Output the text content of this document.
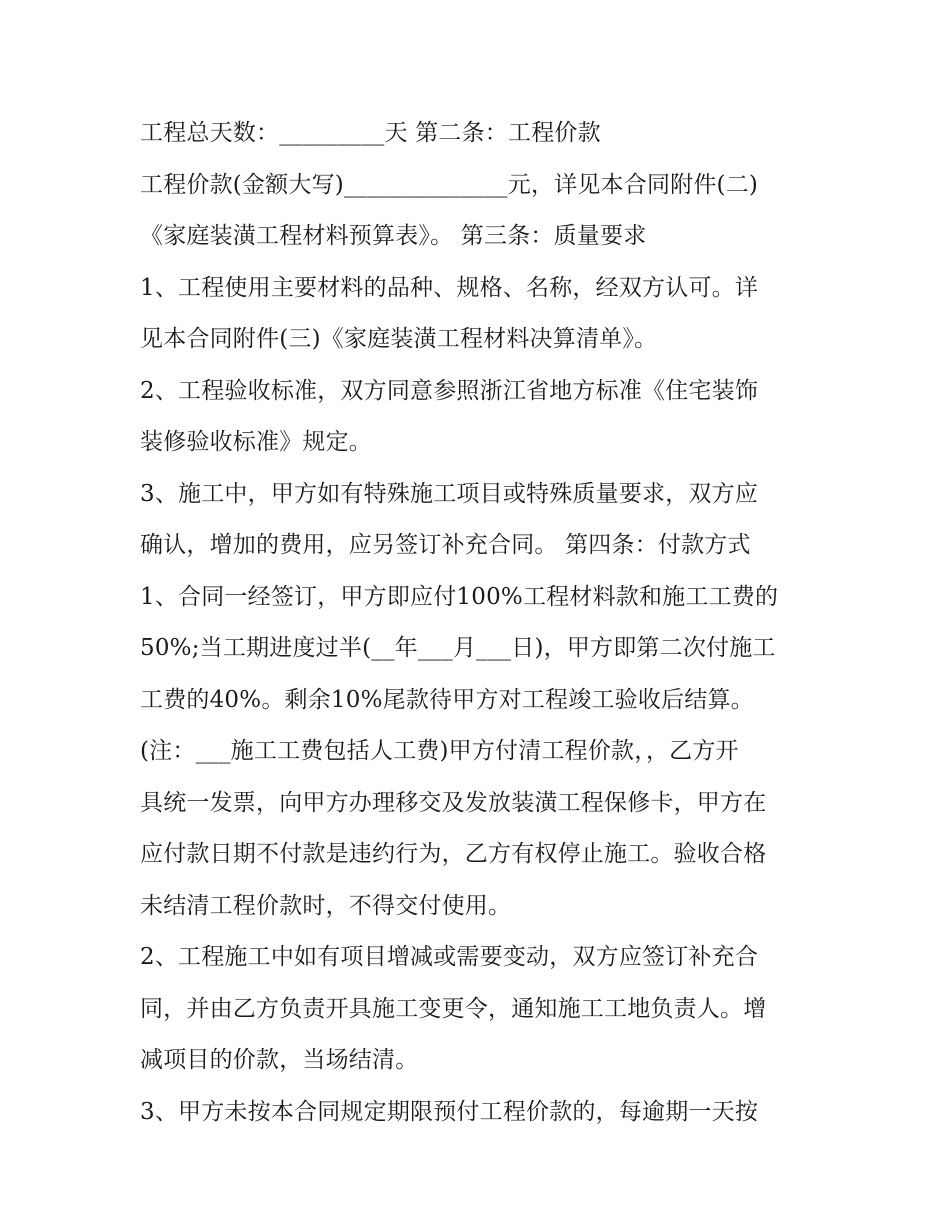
工程总天数：_________天 第二条：工程价款
工程价款(金额大写)______________元，详见本合同附件(二)
《家庭装潢工程材料预算表》。 第三条：质量要求
1、工程使用主要材料的品种、规格、名称，经双方认可。详
见本合同附件(三)《家庭装潢工程材料决算清单》。
2、工程验收标准，双方同意参照浙江省地方标准《住宅装饰
装修验收标准》规定。
3、施工中，甲方如有特殊施工项目或特殊质量要求，双方应
确认，增加的费用，应另签订补充合同。 第四条：付款方式
1、合同一经签订，甲方即应付100%工程材料款和施工工费的
50%;当工期进度过半(__年___月___日)，甲方即第二次付施工
工费的40%。剩余10%尾款待甲方对工程竣工验收后结算。
(注：___施工工费包括人工费)甲方付清工程价款，，乙方开
具统一发票，向甲方办理移交及发放装潢工程保修卡，甲方在
应付款日期不付款是违约行为，乙方有权停止施工。验收合格
未结清工程价款时，不得交付使用。
2、工程施工中如有项目增减或需要变动，双方应签订补充合
同，并由乙方负责开具施工变更令，通知施工工地负责人。增
减项目的价款，当场结清。
3、甲方未按本合同规定期限预付工程价款的，每逾期一天按
